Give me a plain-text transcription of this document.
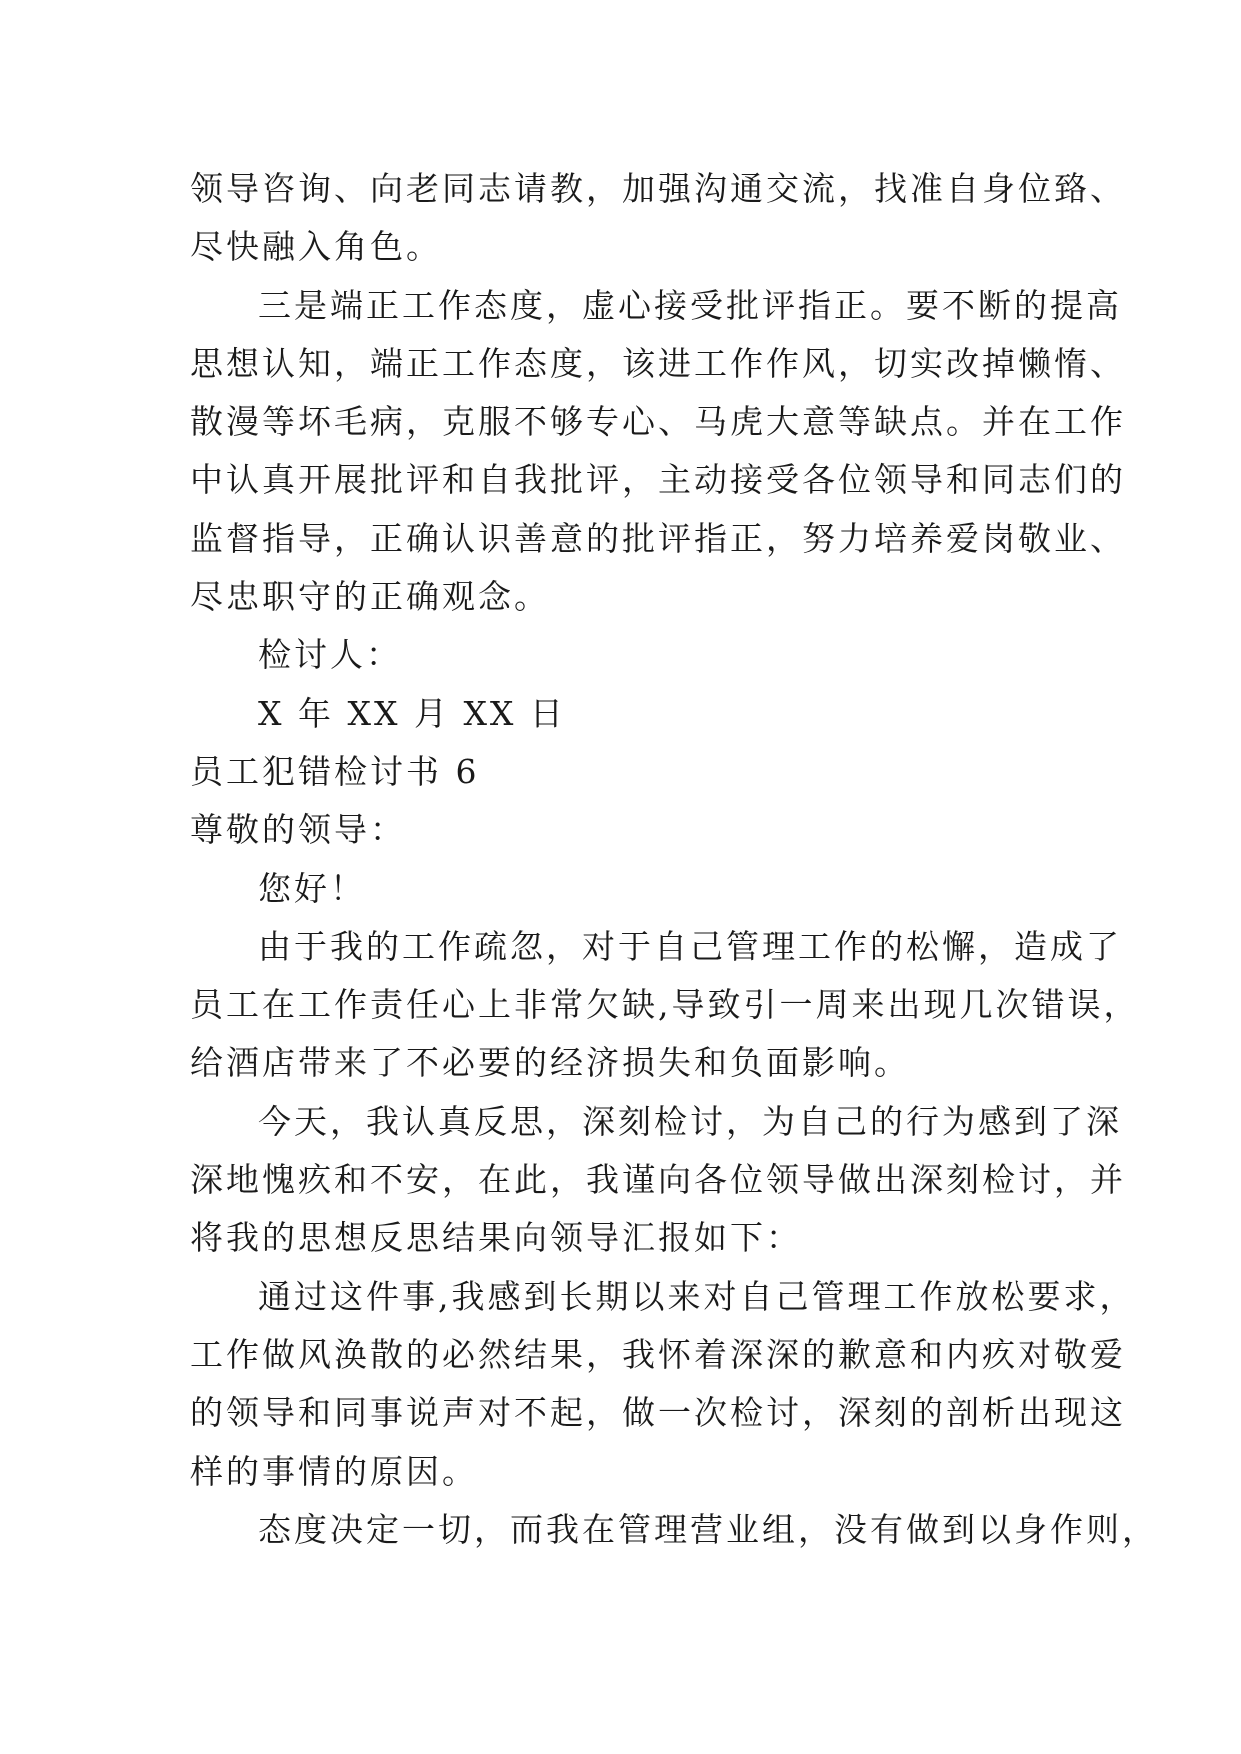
领导咨询、向老同志请教，加强沟通交流，找准自身位臵、

尽快融入角色。

三是端正工作态度，虚心接受批评指正。要不断的提高

思想认知，端正工作态度，该进工作作风，切实改掉懒惰、

散漫等坏毛病，克服不够专心、马虎大意等缺点。并在工作

中认真开展批评和自我批评，主动接受各位领导和同志们的

监督指导，正确认识善意的批评指正，努力培养爱岗敬业、

尽忠职守的正确观念。

检讨人：

X 年 XX 月 XX 日

员工犯错检讨书 6

尊敬的领导：

您好！

由于我的工作疏忽，对于自己管理工作的松懈，造成了

员工在工作责任心上非常欠缺,导致引一周来出现几次错误，

给酒店带来了不必要的经济损失和负面影响。

今天，我认真反思，深刻检讨，为自己的行为感到了深

深地愧疚和不安，在此，我谨向各位领导做出深刻检讨，并

将我的思想反思结果向领导汇报如下：

通过这件事,我感到长期以来对自己管理工作放松要求，

工作做风涣散的必然结果，我怀着深深的歉意和内疚对敬爱

的领导和同事说声对不起，做一次检讨，深刻的剖析出现这

样的事情的原因。

态度决定一切，而我在管理营业组，没有做到以身作则，
